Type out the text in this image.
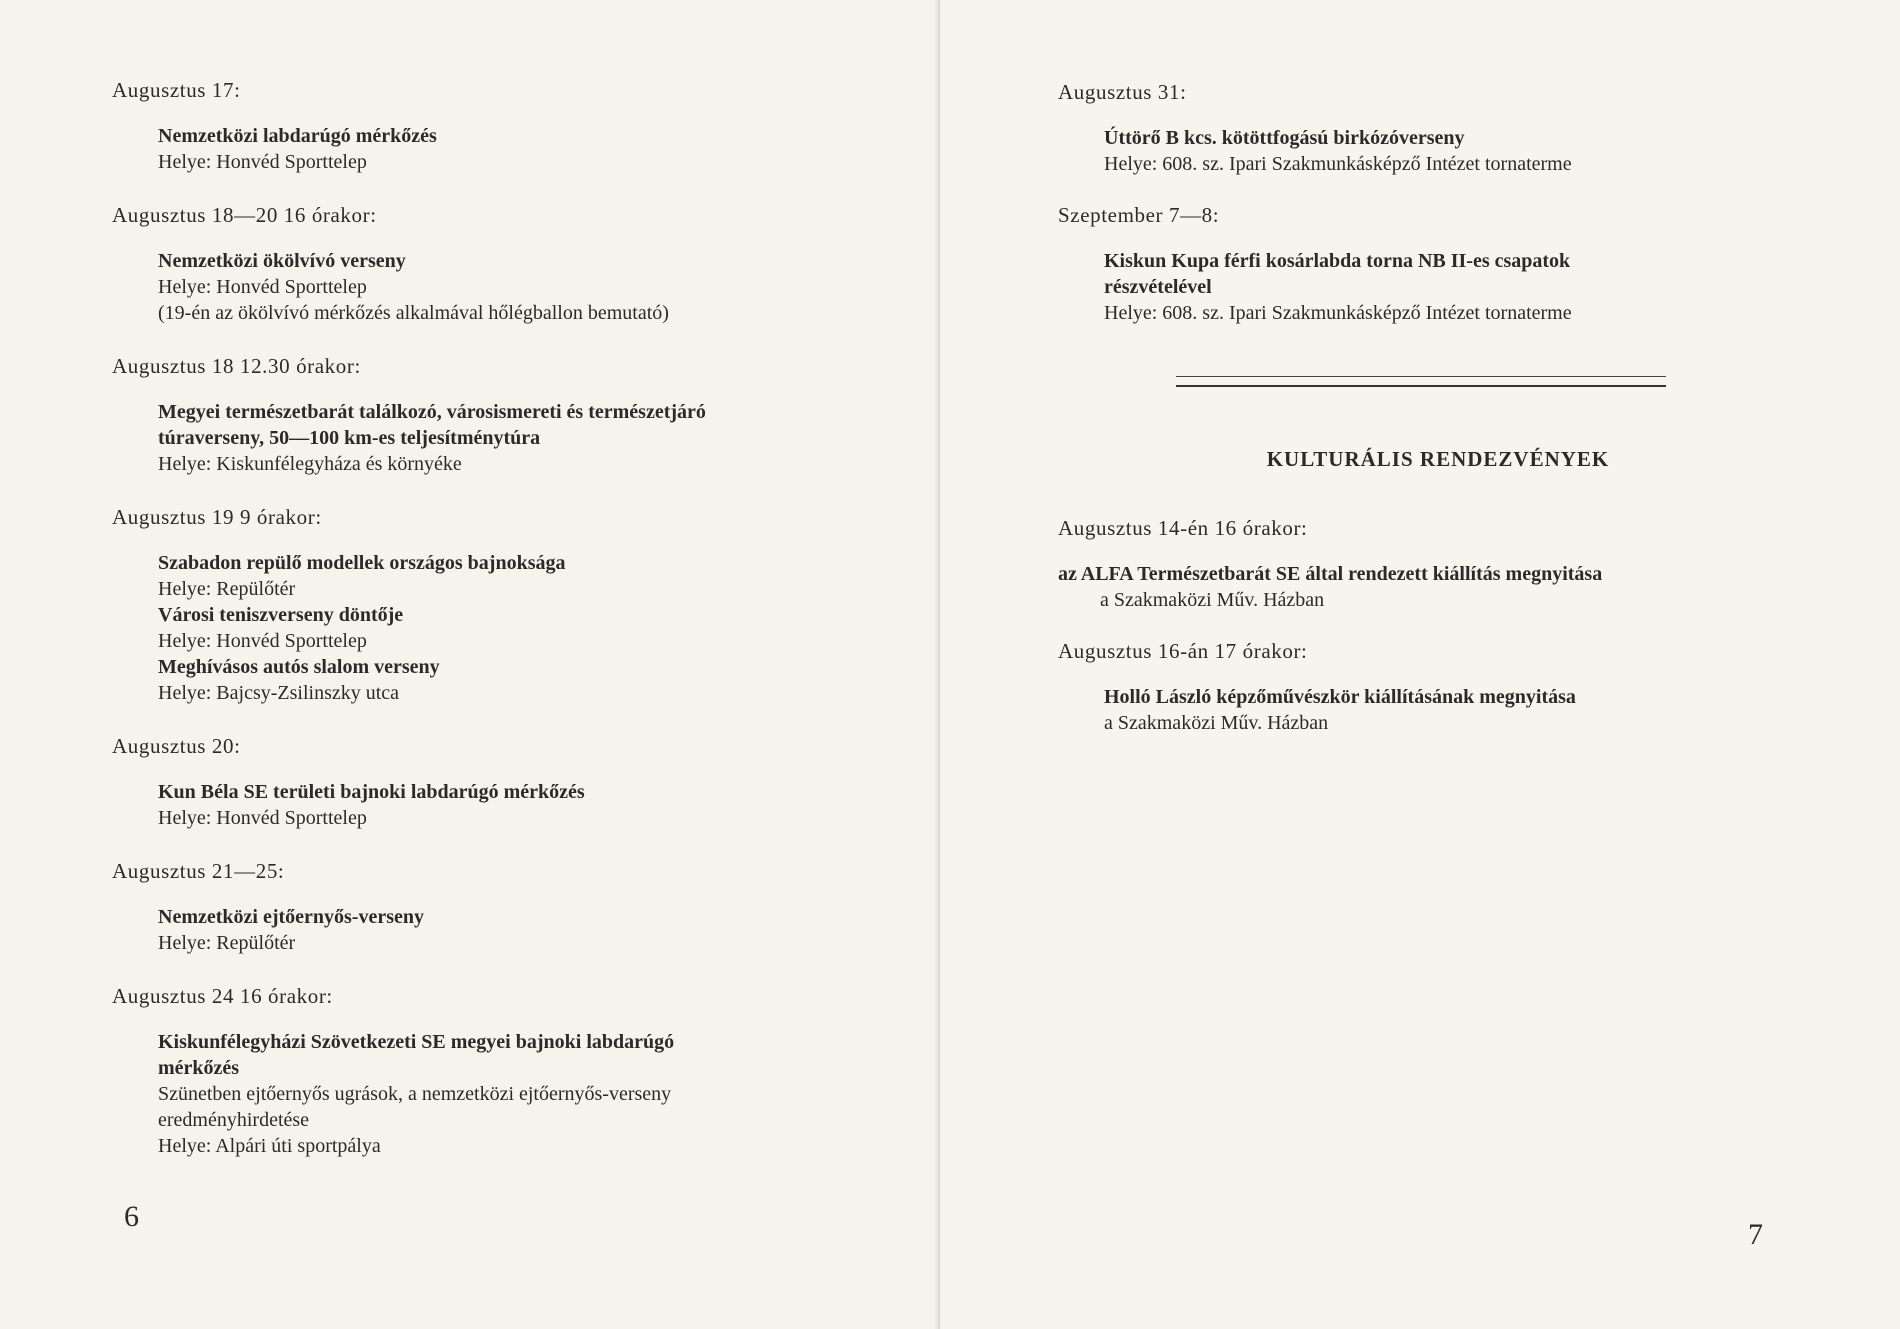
Augusztus 17:
Nemzetközi labdarúgó mérkőzés
Helye: Honvéd Sporttelep
Augusztus 18—20 16 órakor:
Nemzetközi ökölvívó verseny
Helye: Honvéd Sporttelep
(19-én az ökölvívó mérkőzés alkalmával hőlégballon bemutató)
Augusztus 18 12.30 órakor:
Megyei természetbarát találkozó, városismereti és természetjáró
túraverseny, 50—100 km-es teljesítménytúra
Helye: Kiskunfélegyháza és környéke
Augusztus 19 9 órakor:
Szabadon repülő modellek országos bajnoksága
Helye: Repülőtér
Városi teniszverseny döntője
Helye: Honvéd Sporttelep
Meghívásos autós slalom verseny
Helye: Bajcsy-Zsilinszky utca
Augusztus 20:
Kun Béla SE területi bajnoki labdarúgó mérkőzés
Helye: Honvéd Sporttelep
Augusztus 21—25:
Nemzetközi ejtőernyős-verseny
Helye: Repülőtér
Augusztus 24 16 órakor:
Kiskunfélegyházi Szövetkezeti SE megyei bajnoki labdarúgó
mérkőzés
Szünetben ejtőernyős ugrások, a nemzetközi ejtőernyős-verseny
eredményhirdetése
Helye: Alpári úti sportpálya
6
Augusztus 31:
Úttörő B kcs. kötöttfogású birkózóverseny
Helye: 608. sz. Ipari Szakmunkásképző Intézet tornaterme
Szeptember 7—8:
Kiskun Kupa férfi kosárlabda torna NB II-es csapatok
részvételével
Helye: 608. sz. Ipari Szakmunkásképző Intézet tornaterme
KULTURÁLIS RENDEZVÉNYEK
Augusztus 14-én 16 órakor:
az ALFA Természetbarát SE által rendezett kiállítás megnyitása
a Szakmaközi Műv. Házban
Augusztus 16-án 17 órakor:
Holló László képzőművészkör kiállításának megnyitása
a Szakmaközi Műv. Házban
7
